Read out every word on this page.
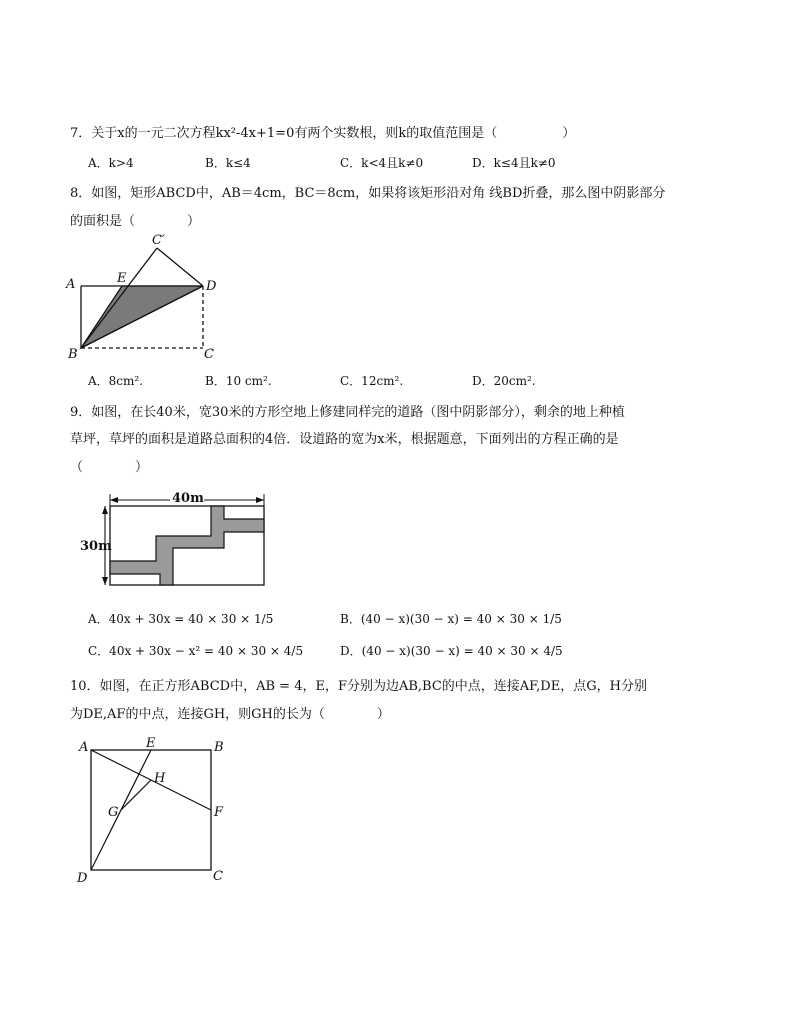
7．关于x的一元二次方程kx²-4x+1=0有两个实数根，则k的取值范围是（　　　　　）
A．k>4	B．k≤4	C．k<4且k≠0	D．k≤4且k≠0
8．如图，矩形ABCD中，AB＝4cm，BC＝8cm，如果将该矩形沿对角 线BD折叠，那么图中阴影部分
的面积是（　　　　）
A	E
C′
D
B	C
A．8cm².	B．10 cm².	C．12cm².	D．20cm².
9．如图，在长40米，宽30米的方形空地上修建同样完的道路（图中阴影部分），剩余的地上种植
草坪，草坪的面积是道路总面积的4倍．设道路的宽为x米，根据题意，下面列出的方程正确的是
（　　　　）
40m
30m
A．40x + 30x = 40 × 30 × 1/5	B．(40 − x)(30 − x) = 40 × 30 × 1/5
C．40x + 30x − x² = 40 × 30 × 4/5	D．(40 − x)(30 − x) = 40 × 30 × 4/5
10．如图，在正方形ABCD中，AB = 4，E，F分别为边AB,BC的中点，连接AF,DE，点G，H分别
为DE,AF的中点，连接GH，则GH的长为（　　　　）
A	E	B
H
G	F
D	C
